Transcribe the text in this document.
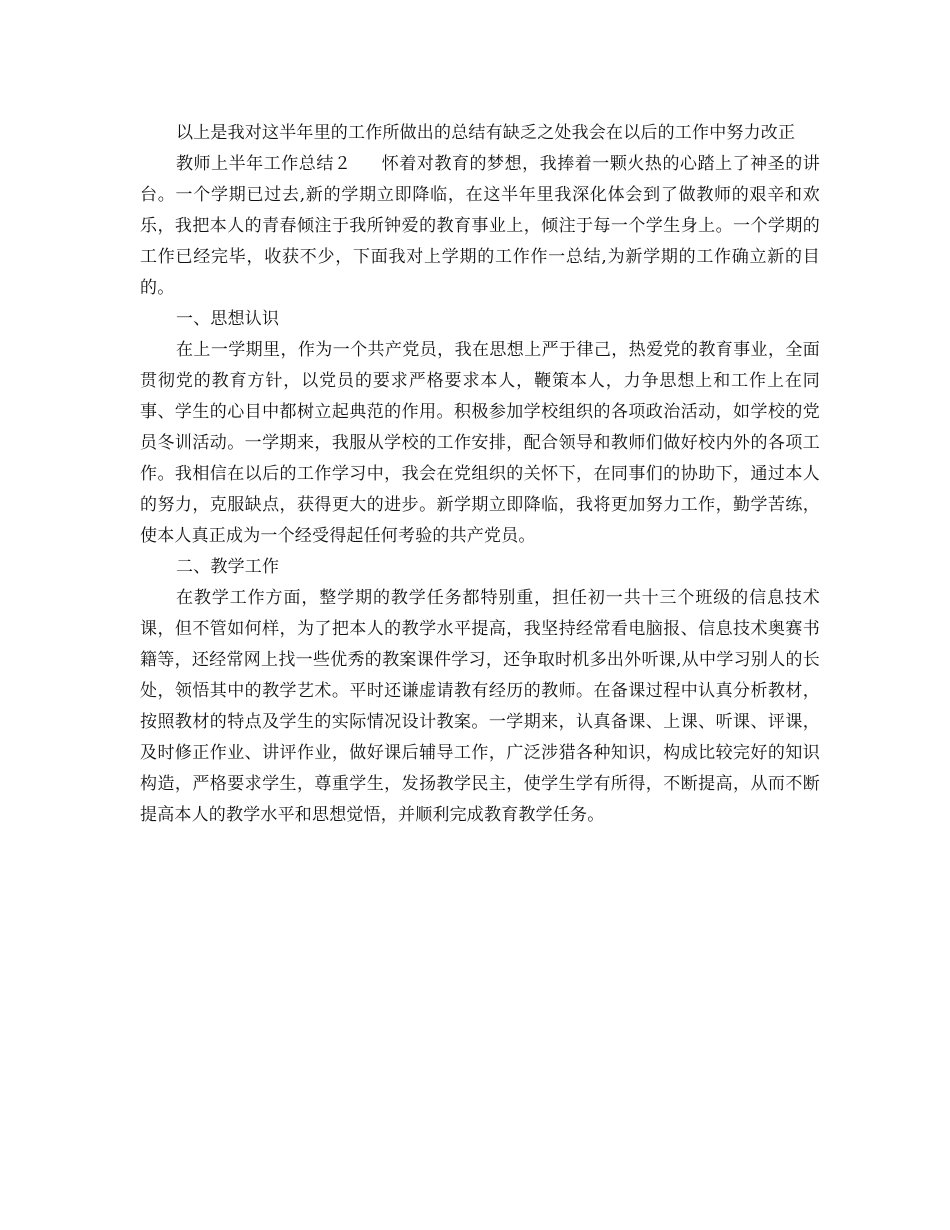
以上是我对这半年里的工作所做出的总结有缺乏之处我会在以后的工作中努力改正

教师上半年工作总结２ 怀着对教育的梦想，我捧着一颗火热的心踏上了神圣的讲台。一个学期已过去,新的学期立即降临，在这半年里我深化体会到了做教师的艰辛和欢乐，我把本人的青春倾注于我所钟爱的教育事业上，倾注于每一个学生身上。一个学期的工作已经完毕，收获不少，下面我对上学期的工作作一总结,为新学期的工作确立新的目的。

一、思想认识

在上一学期里，作为一个共产党员，我在思想上严于律己，热爱党的教育事业，全面贯彻党的教育方针，以党员的要求严格要求本人，鞭策本人，力争思想上和工作上在同事、学生的心目中都树立起典范的作用。积极参加学校组织的各项政治活动，如学校的党员冬训活动。一学期来，我服从学校的工作安排，配合领导和教师们做好校内外的各项工作。我相信在以后的工作学习中，我会在党组织的关怀下，在同事们的协助下，通过本人的努力，克服缺点，获得更大的进步。新学期立即降临，我将更加努力工作，勤学苦练，使本人真正成为一个经受得起任何考验的共产党员。

二、教学工作

在教学工作方面，整学期的教学任务都特别重，担任初一共十三个班级的信息技术课，但不管如何样，为了把本人的教学水平提高，我坚持经常看电脑报、信息技术奥赛书籍等，还经常网上找一些优秀的教案课件学习，还争取时机多出外听课,从中学习别人的长处，领悟其中的教学艺术。平时还谦虚请教有经历的教师。在备课过程中认真分析教材，按照教材的特点及学生的实际情况设计教案。一学期来，认真备课、上课、听课、评课，及时修正作业、讲评作业，做好课后辅导工作，广泛涉猎各种知识，构成比较完好的知识构造，严格要求学生，尊重学生，发扬教学民主，使学生学有所得，不断提高，从而不断提高本人的教学水平和思想觉悟，并顺利完成教育教学任务。
